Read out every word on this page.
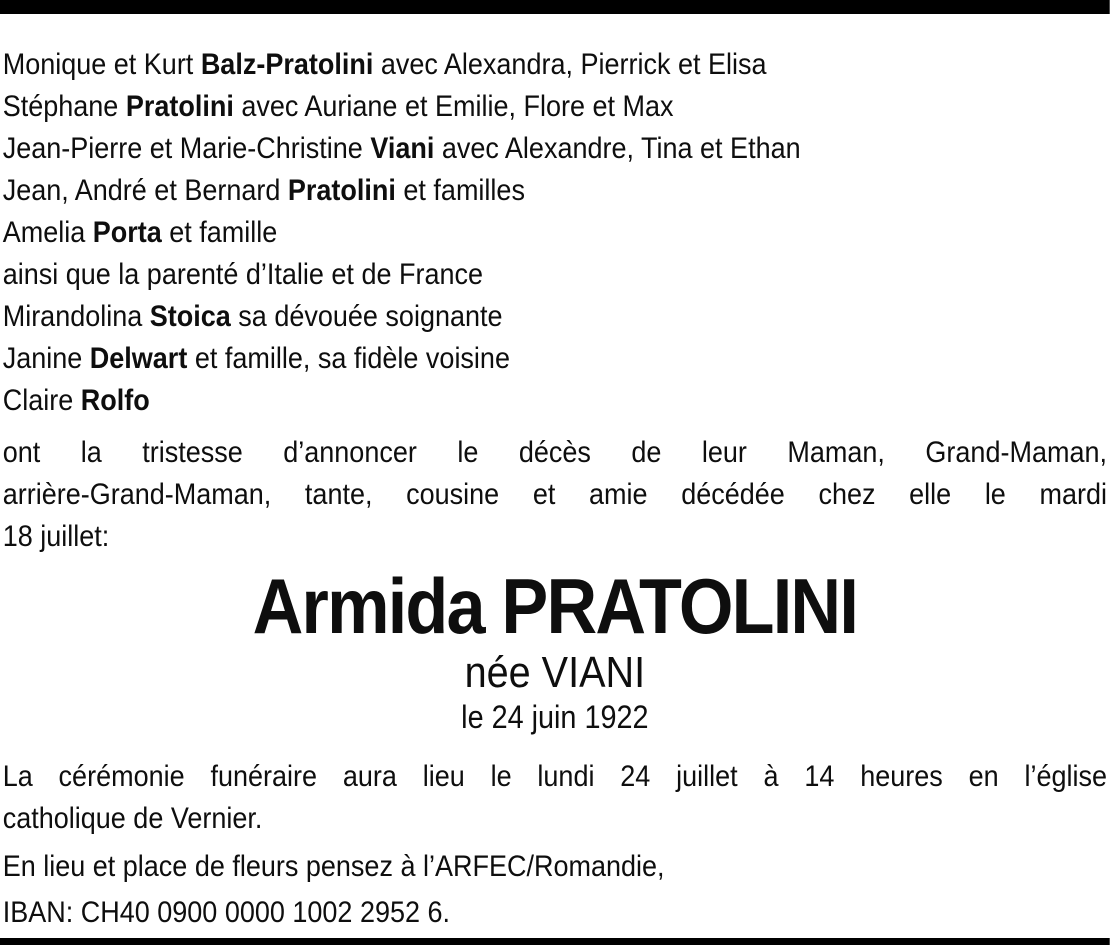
Monique et Kurt Balz-Pratolini avec Alexandra, Pierrick et Elisa
Stéphane Pratolini avec Auriane et Emilie, Flore et Max
Jean-Pierre et Marie-Christine Viani avec Alexandre, Tina et Ethan
Jean, André et Bernard Pratolini et familles
Amelia Porta et famille
ainsi que la parenté d’Italie et de France
Mirandolina Stoica sa dévouée soignante
Janine Delwart et famille, sa fidèle voisine
Claire Rolfo
ont la tristesse d’annoncer le décès de leur Maman, Grand-Maman,
arrière-Grand-Maman, tante, cousine et amie décédée chez elle le mardi
18 juillet:
Armida PRATOLINI
née VIANI
le 24 juin 1922
La cérémonie funéraire aura lieu le lundi 24 juillet à 14 heures en l’église
catholique de Vernier.
En lieu et place de fleurs pensez à l’ARFEC/Romandie,
IBAN: CH40 0900 0000 1002 2952 6.
